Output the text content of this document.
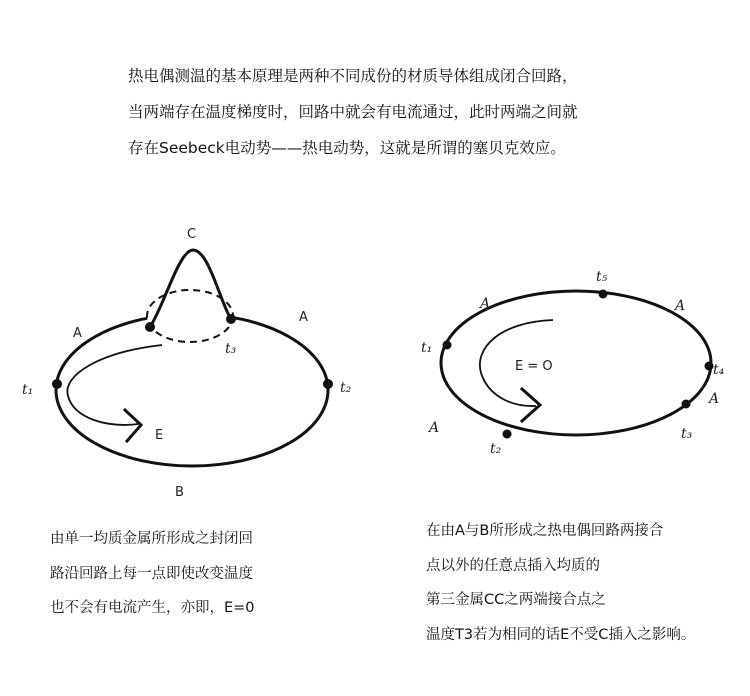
热电偶测温的基本原理是两种不同成份的材质导体组成闭合回路，
当两端存在温度梯度时，回路中就会有电流通过，此时两端之间就
存在Seebeck电动势——热电动势，这就是所谓的塞贝克效应。
C
A
A
B
t₁	t₂
t₃
E
t₅
A	A
t₁
E = O	t₄
A
A	t₃
t₂
由单一均质金属所形成之封闭回
路沿回路上每一点即使改变温度
也不会有电流产生，亦即，E=0
在由A与B所形成之热电偶回路两接合
点以外的任意点插入均质的
第三金属CC之两端接合点之
温度T3若为相同的话E不受C插入之影响。
